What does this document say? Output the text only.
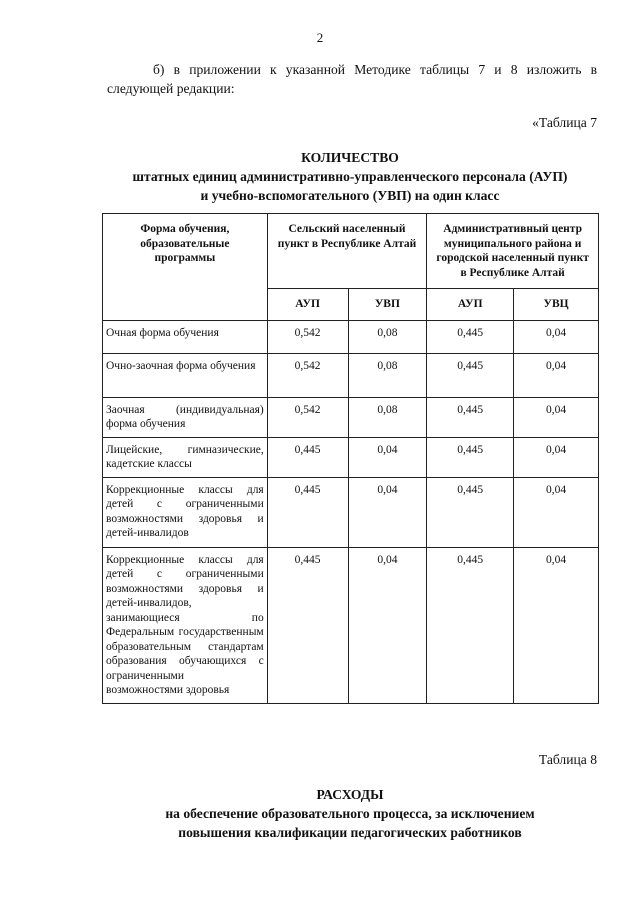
2
б) в приложении к указанной Методике таблицы 7 и 8 изложить в следующей редакции:
«Таблица 7
КОЛИЧЕСТВО
штатных единиц административно-управленческого персонала (АУП)
и учебно-вспомогательного (УВП) на один класс
Форма обучения, образовательные программы	Сельский населенный пункт в Республике Алтай		Административный центр муниципального района и городской населенный пункт в Республике Алтай	
	АУП	УВП	АУП	УВЦ
Очная форма обучения	0,542	0,08	0,445	0,04
Очно-заочная форма обучения	0,542	0,08	0,445	0,04
Заочная (индивидуальная) форма обучения	0,542	0,08	0,445	0,04
Лицейские, гимназические, кадетские классы	0,445	0,04	0,445	0,04
Коррекционные классы для детей с ограниченными возможностями здоровья и детей-инвалидов	0,445	0,04	0,445	0,04
Коррекционные классы для детей с ограниченными возможностями здоровья и детей-инвалидов, занимающиеся по Федеральным государственным образовательным стандартам образования обучающихся с ограниченными возможностями здоровья	0,445	0,04	0,445	0,04
Таблица 8
РАСХОДЫ
на обеспечение образовательного процесса, за исключением
повышения квалификации педагогических работников
